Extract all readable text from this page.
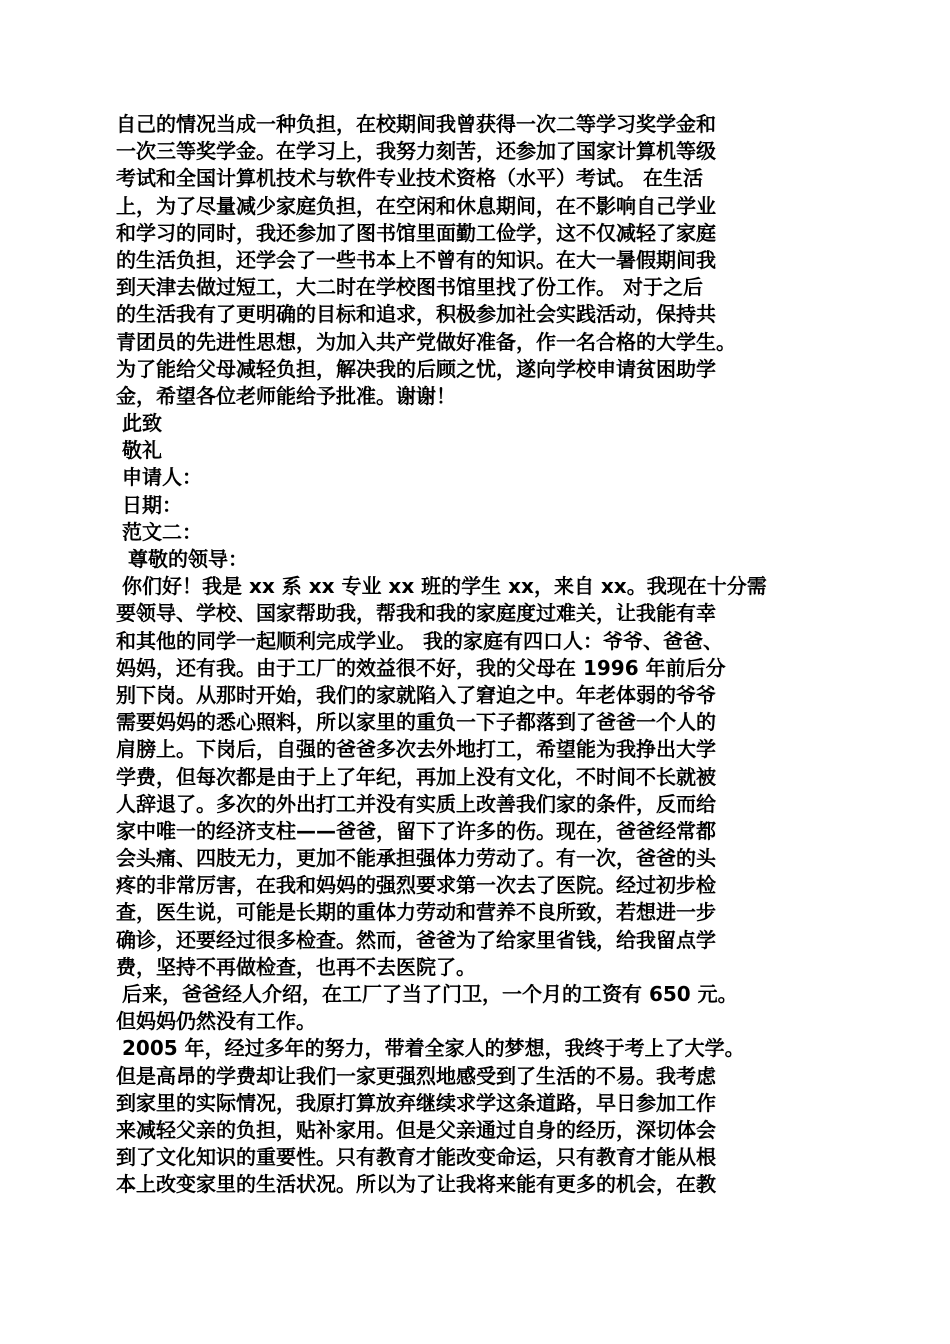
自己的情况当成一种负担，在校期间我曾获得一次二等学习奖学金和
一次三等奖学金。在学习上，我努力刻苦，还参加了国家计算机等级
考试和全国计算机技术与软件专业技术资格（水平）考试。 在生活
上，为了尽量减少家庭负担，在空闲和休息期间，在不影响自己学业
和学习的同时，我还参加了图书馆里面勤工俭学，这不仅减轻了家庭
的生活负担，还学会了一些书本上不曾有的知识。在大一暑假期间我
到天津去做过短工，大二时在学校图书馆里找了份工作。 对于之后
的生活我有了更明确的目标和追求，积极参加社会实践活动，保持共
青团员的先进性思想，为加入共产党做好准备，作一名合格的大学生。
为了能给父母减轻负担，解决我的后顾之忧，遂向学校申请贫困助学
金，希望各位老师能给予批准。谢谢！
此致
敬礼
申请人：
日期：
范文二：
尊敬的领导：
你们好！我是 xx 系 xx 专业 xx 班的学生 xx，来自 xx。我现在十分需
要领导、学校、国家帮助我，帮我和我的家庭度过难关，让我能有幸
和其他的同学一起顺利完成学业。 我的家庭有四口人：爷爷、爸爸、
妈妈，还有我。由于工厂的效益很不好，我的父母在 1996 年前后分
别下岗。从那时开始，我们的家就陷入了窘迫之中。年老体弱的爷爷
需要妈妈的悉心照料，所以家里的重负一下子都落到了爸爸一个人的
肩膀上。下岗后，自强的爸爸多次去外地打工，希望能为我挣出大学
学费，但每次都是由于上了年纪，再加上没有文化，不时间不长就被
人辞退了。多次的外出打工并没有实质上改善我们家的条件，反而给
家中唯一的经济支柱——爸爸，留下了许多的伤。现在，爸爸经常都
会头痛、四肢无力，更加不能承担强体力劳动了。有一次，爸爸的头
疼的非常厉害，在我和妈妈的强烈要求第一次去了医院。经过初步检
查，医生说，可能是长期的重体力劳动和营养不良所致，若想进一步
确诊，还要经过很多检查。然而，爸爸为了给家里省钱，给我留点学
费，坚持不再做检查，也再不去医院了。
后来，爸爸经人介绍，在工厂了当了门卫，一个月的工资有 650 元。
但妈妈仍然没有工作。
2005 年，经过多年的努力，带着全家人的梦想，我终于考上了大学。
但是高昂的学费却让我们一家更强烈地感受到了生活的不易。我考虑
到家里的实际情况，我原打算放弃继续求学这条道路，早日参加工作
来减轻父亲的负担，贴补家用。但是父亲通过自身的经历，深切体会
到了文化知识的重要性。只有教育才能改变命运，只有教育才能从根
本上改变家里的生活状况。所以为了让我将来能有更多的机会，在教
